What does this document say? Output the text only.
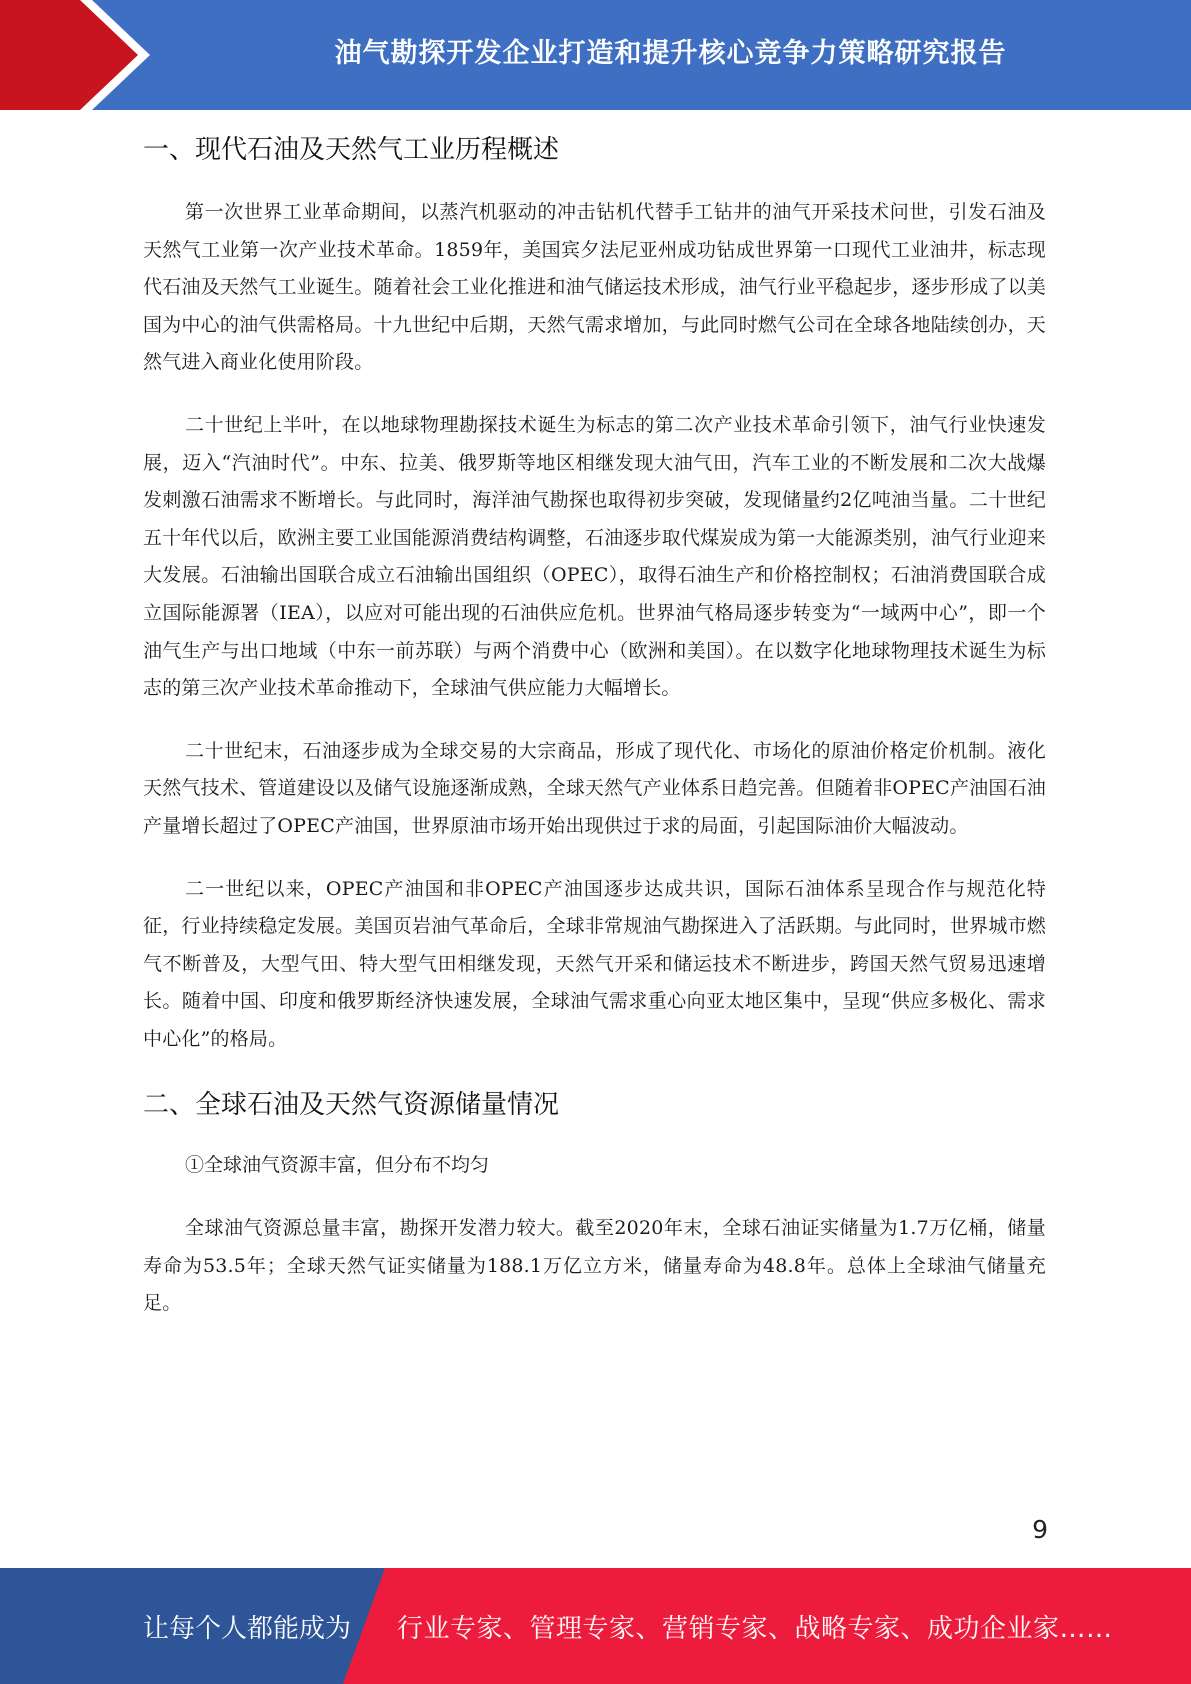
油气勘探开发企业打造和提升核心竞争力策略研究报告
一、现代石油及天然气工业历程概述

第一次世界工业革命期间，以蒸汽机驱动的冲击钻机代替手工钻井的油气开采技术问世，引发石油及天然气工业第一次产业技术革命。1859年，美国宾夕法尼亚州成功钻成世界第一口现代工业油井，标志现代石油及天然气工业诞生。随着社会工业化推进和油气储运技术形成，油气行业平稳起步，逐步形成了以美国为中心的油气供需格局。十九世纪中后期，天然气需求增加，与此同时燃气公司在全球各地陆续创办，天然气进入商业化使用阶段。

二十世纪上半叶，在以地球物理勘探技术诞生为标志的第二次产业技术革命引领下，油气行业快速发展，迈入“汽油时代”。中东、拉美、俄罗斯等地区相继发现大油气田，汽车工业的不断发展和二次大战爆发刺激石油需求不断增长。与此同时，海洋油气勘探也取得初步突破，发现储量约2亿吨油当量。二十世纪五十年代以后，欧洲主要工业国能源消费结构调整，石油逐步取代煤炭成为第一大能源类别，油气行业迎来大发展。石油输出国联合成立石油输出国组织（OPEC），取得石油生产和价格控制权；石油消费国联合成立国际能源署（IEA），以应对可能出现的石油供应危机。世界油气格局逐步转变为“一域两中心”，即一个油气生产与出口地域（中东一前苏联）与两个消费中心（欧洲和美国）。在以数字化地球物理技术诞生为标志的第三次产业技术革命推动下，全球油气供应能力大幅增长。

二十世纪末，石油逐步成为全球交易的大宗商品，形成了现代化、市场化的原油价格定价机制。液化天然气技术、管道建设以及储气设施逐渐成熟，全球天然气产业体系日趋完善。但随着非OPEC产油国石油产量增长超过了OPEC产油国，世界原油市场开始出现供过于求的局面，引起国际油价大幅波动。

二一世纪以来，OPEC产油国和非OPEC产油国逐步达成共识，国际石油体系呈现合作与规范化特征，行业持续稳定发展。美国页岩油气革命后，全球非常规油气勘探进入了活跃期。与此同时，世界城市燃气不断普及，大型气田、特大型气田相继发现，天然气开采和储运技术不断进步，跨国天然气贸易迅速增长。随着中国、印度和俄罗斯经济快速发展，全球油气需求重心向亚太地区集中，呈现“供应多极化、需求中心化”的格局。

二、全球石油及天然气资源储量情况

①全球油气资源丰富，但分布不均匀

全球油气资源总量丰富，勘探开发潜力较大。截至2020年末，全球石油证实储量为1.7万亿桶，储量寿命为53.5年；全球天然气证实储量为188.1万亿立方米，储量寿命为48.8年。总体上全球油气储量充足。

9
让每个人都能成为 行业专家、管理专家、营销专家、战略专家、成功企业家……
